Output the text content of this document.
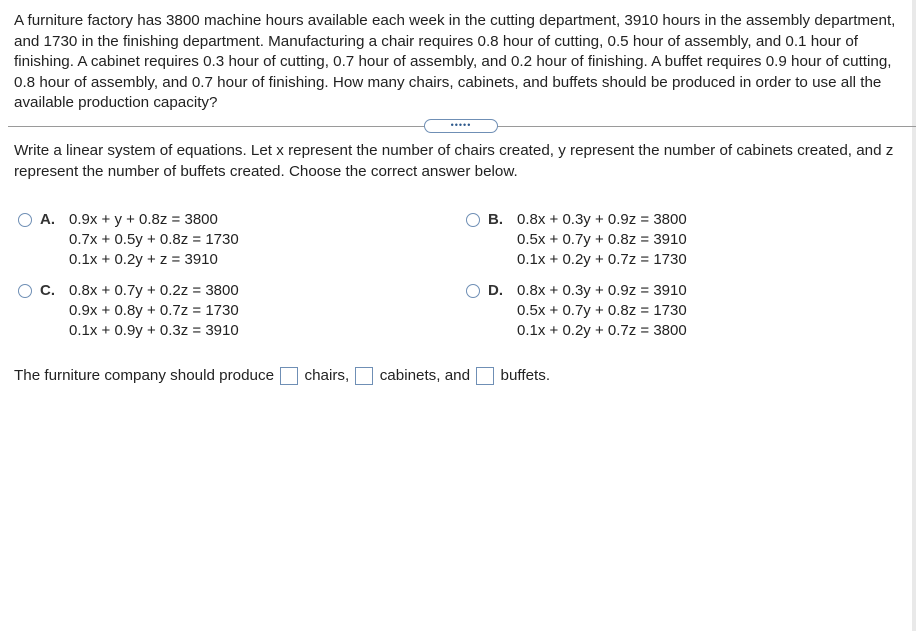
A furniture factory has 3800 machine hours available each week in the cutting department, 3910 hours in the assembly department, and 1730 in the finishing department. Manufacturing a chair requires 0.8 hour of cutting, 0.5 hour of assembly, and 0.1 hour of finishing. A cabinet requires 0.3 hour of cutting, 0.7 hour of assembly, and 0.2 hour of finishing. A buffet requires 0.9 hour of cutting, 0.8 hour of assembly, and 0.7 hour of finishing. How many chairs, cabinets, and buffets should be produced in order to use all the available production capacity?
•••••
Write a linear system of equations. Let x represent the number of chairs created, y represent the number of cabinets created, and z represent the number of buffets created. Choose the correct answer below.
A. 0.9x + y + 0.8z = 3800
0.7x + 0.5y + 0.8z = 1730
0.1x + 0.2y + z = 3910
B. 0.8x + 0.3y + 0.9z = 3800
0.5x + 0.7y + 0.8z = 3910
0.1x + 0.2y + 0.7z = 1730
C. 0.8x + 0.7y + 0.2z = 3800
0.9x + 0.8y + 0.7z = 1730
0.1x + 0.9y + 0.3z = 3910
D. 0.8x + 0.3y + 0.9z = 3910
0.5x + 0.7y + 0.8z = 1730
0.1x + 0.2y + 0.7z = 3800
The furniture company should produce chairs, cabinets, and buffets.
